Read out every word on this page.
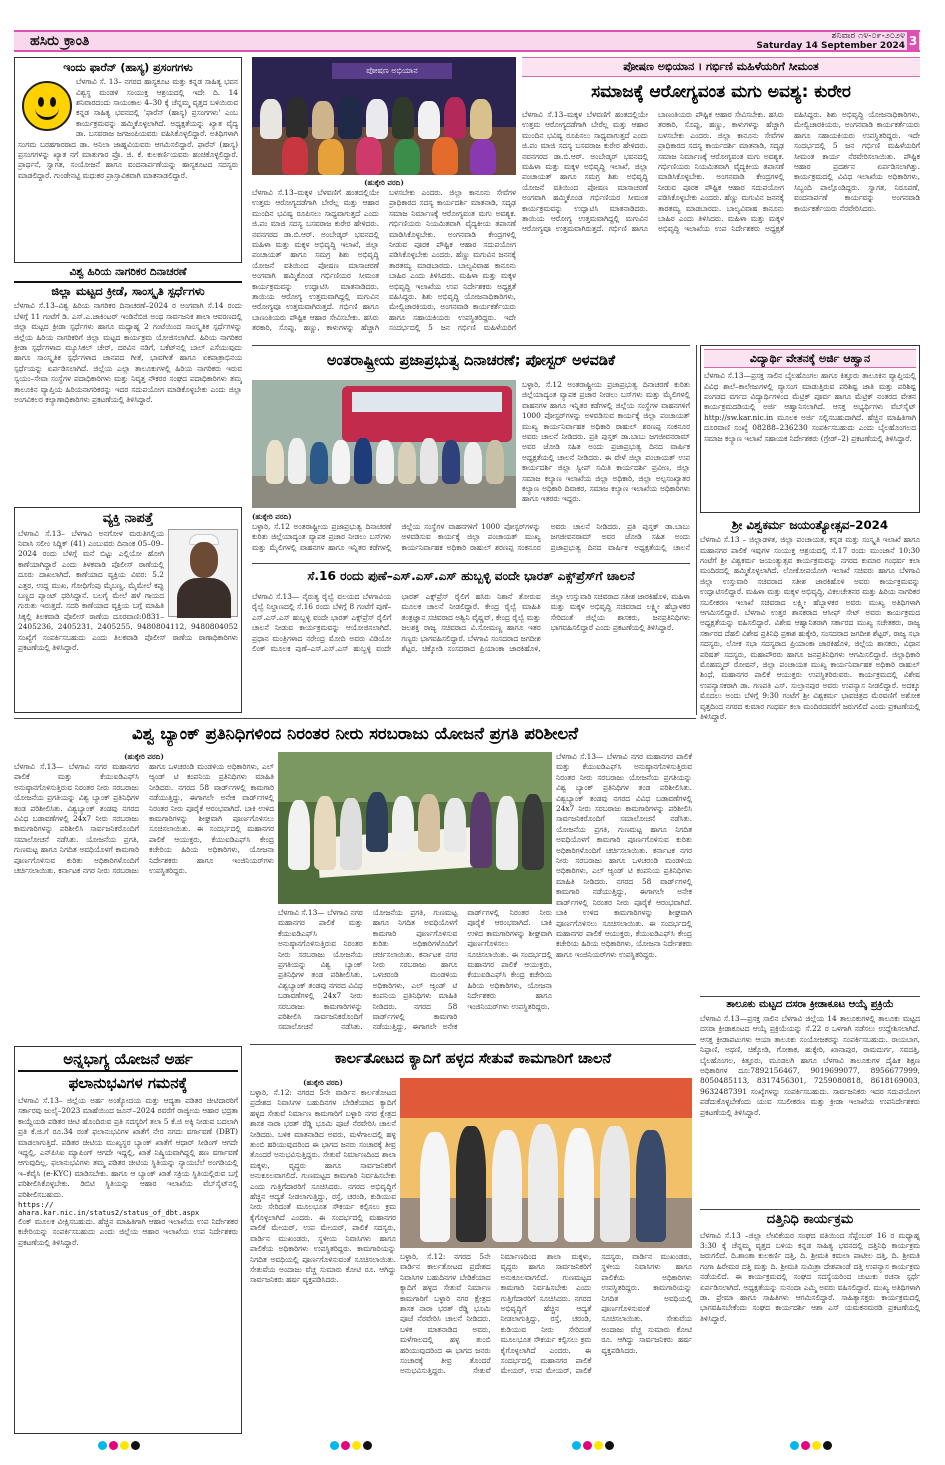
ಹಸಿರು ಕ್ರಾಂತಿ	ಶನಿವಾರ ೧೪-೦೯-೨೦೨೪
Saturday 14 September 2024 3
ಇಂದು ಫಾರೆನ್ (ಹಾಸ್ಯ) ಪ್ರಸಂಗಗಳು
ಬೆಳಗಾವಿ ಸೆ. 13– ನಗರದ ಹಾಸ್ಯಕೂಟ ಮತ್ತು ಕನ್ನಡ ಸಾಹಿತ್ಯ ಭವನ ವಿಶ್ವಸ್ಥ ಮಂಡಳಿ ಸಂಯುಕ್ತ ಆಶ್ರಯದಲ್ಲಿ ಇದೇ ದಿ. 14 ಶನಿವಾರದಂದು ಸಾಯಂಕಾಲ 4–30 ಕ್ಕೆ ಚೆನ್ನಮ್ಮ ವೃತ್ತದ ಬಳಿಯಿರುವ ಕನ್ನಡ ಸಾಹಿತ್ಯ ಭವನದಲ್ಲಿ 'ಫಾರೆನ್ (ಹಾಸ್ಯ) ಪ್ರಸಂಗಗಳು' ಎಂಬ ಕಾರ್ಯಕ್ರಮವನ್ನು ಹಮ್ಮಿಕೊಳ್ಳಲಾಗಿದೆ. ಅಧ್ಯಕ್ಷತೆಯನ್ನು ಖ್ಯಾತ ವೈದ್ಯ ಡಾ. ಬಸವರಾಜ ಜಗಜಂಪಿಯವರು ವಹಿಸಿಕೊಳ್ಳಲಿದ್ದಾರೆ. ಅತಿಥಿಗಳಾಗಿ ಸಂಗಮ ಬರಹಗಾರರಾದ ಡಾ. ಅನಿಲಾ ಜಾಹ್ನವಿಯವರು ಆಗಮಿಸಲಿದ್ದಾರೆ. ಫಾರೆನ್ (ಹಾಸ್ಯ) ಪ್ರಸಂಗಗಳನ್ನು ಖ್ಯಾತ ನಗೆ ಮಾತುಗಾರ ಪ್ರೊ. ಜಿ. ಕೆ. ಕುಲಕರ್ಣಿಯವರು ಹಂಚಿಕೊಳ್ಳಲಿದ್ದಾರೆ. ಪ್ರಾರ್ಥನೆ, ಸ್ವಾಗತ, ಸಂಯೋಜನೆ ಹಾಗೂ ವಂದನಾರ್ಪಣೆಯನ್ನು ಹಾಸ್ಯಕೂಟದ ಸದಸ್ಯರು ಮಾಡಲಿದ್ದಾರೆ. ಗುಂಡೇನಟ್ಟಿ ಮಧುಕರ ಪ್ರಾಸ್ತಾವಿಕವಾಗಿ ಮಾತನಾಡಲಿದ್ದಾರೆ.
ವಿಶ್ವ ಹಿರಿಯ ನಾಗರಿಕರ ದಿನಾಚರಣೆ
ಜಿಲ್ಲಾ ಮಟ್ಟದ ಕ್ರೀಡೆ, ಸಾಂಸ್ಕೃತಿ ಸ್ಪರ್ಧೆಗಳು
ಬೆಳಗಾವಿ ಸೆ.13–ವಿಶ್ವ ಹಿರಿಯ ನಾಗರಿಕರ ದಿನಾಚರಣೆ–2024 ರ ಅಂಗವಾಗಿ ಸೆ.14 ರಂದು ಬೆಳಿಗ್ಗೆ 11 ಗಂಟೆಗೆ ಡಿ. ಎಸ್.ಎ.ಜಾಕಿಂಟರ್ ಇಂಡಿನೆಬಿಜಿ ಅಂಥ ಸಾರ್ವಜನಿಕ ಶಾಲಾ ಆವರಣದಲ್ಲಿ ಜಿಲ್ಲಾ ಮಟ್ಟದ ಕ್ರೀಡಾ ಸ್ಪರ್ಧೆಗಳು ಹಾಗೂ ಮಧ್ಯಾಹ್ನ 2 ಗಂಟೆಯಿಂದ ಸಾಂಸ್ಕೃತಿಕ ಸ್ಪರ್ಧೆಗಳನ್ನು ಜಿಲ್ಲೆಯ ಹಿರಿಯ ನಾಗರಿಕರಿಗೆ ಜಿಲ್ಲಾ ಮಟ್ಟದ ಕಾರ್ಯಕ್ರಮ ಯೋಜಿಸಲಾಗಿದೆ. ಹಿರಿಯ ನಾಗರಿಕರ ಕ್ರೀಡಾ ಸ್ಪರ್ಧೆಗಳಾದ ಮ್ಯೂಸಿಕಲ್ ಚೇರ್, ದರವಿನ ನಡಿಗೆ, ಬಕೆಟ್‌ನಲ್ಲಿ ಬಾಲ್ ಎಸೆಯುವುದು ಹಾಗೂ ಸಾಂಸ್ಕೃತಿಕ ಸ್ಪರ್ಧೆಗಳಾದ ಜಾನಪದ ಗೀತೆ, ಭಾವಗೀತೆ ಹಾಗೂ ಏಕಪಾತ್ರಾಭಿನಯ ಸ್ಪರ್ಧೆಯನ್ನು ಏರ್ಪಡಿಸಲಾಗಿದೆ. ಜಿಲ್ಲೆಯ ಎಲ್ಲಾ ತಾಲೂಕುಗಳಲ್ಲಿ ಹಿರಿಯ ನಾಗರಿಕರು ಇರುವ ಸ್ವಯಂ–ಸೇವಾ ಸಂಸ್ಥೆಗಳ ಪದಾಧಿಕಾರಿಗಳು ಮತ್ತು ನಿವೃತ್ತ ನೌಕರರ ಸಂಘದ ಪದಾಧಿಕಾರಿಗಳು ತಮ್ಮ ತಾಲೂಕಿನ ವ್ಯಾಪ್ತಿಯ ಹಿರಿಯನಾಗರಿಕರನ್ನು ಇದರ ಸದುಪಯೋಗ ಮಾಡಿಕೊಳ್ಳಬೇಕು ಎಂದು ಜಿಲ್ಲಾ ಅಂಗವಿಕಲರ ಕಲ್ಯಾಣಾಧಿಕಾರಿಗಳು ಪ್ರಕಟಣೆಯಲ್ಲಿ ತಿಳಿಸಿದ್ದಾರೆ.
ವ್ಯಕ್ತಿ ನಾಪತ್ತೆ
ಬೆಳಗಾವಿ ಸೆ.13– ಬೆಳಗಾವಿ ಅನಗೋಳ ಮರುತಿಗಲ್ಲಿಯ ನಿವಾಸಿ ಸಲೀಂ ಸಿದ್ದಿಕ್ (41) ಎಂಬುವರು ದಿನಾಂಕ 05–09–2024 ರಂದು ಬೆಳಿಗ್ಗೆ ಮನೆ ಬಿಟ್ಟು ಎಲ್ಲಿಯೋ ಹೋಗಿ ಕಾಣೆಯಾಗಿದ್ದಾರೆ ಎಂದು ತಿಳಕವಾಡಿ ಪೊಲೀಸ್ ಠಾಣೆಯಲ್ಲಿ ದೂರು ದಾಖಲಾಗಿದೆ. ಕಾಣೆಯಾದ ವ್ಯಕ್ತಿಯ ವಿವರ: 5.2 ಎತ್ತರ, ಉದ್ದ ಮುಖ, ಗೋಧಿಗೆಂಪು ಮೈಬಣ್ಣ, ಮೈಮೇಲೆ ಕಪ್ಪು ಬಣ್ಣದ ಪ್ಯಾಂಟ್ ಧರಿಸಿದ್ದಾನೆ. ಬಲಗೈ ಮೇಲೆ ಹಳೆ ಗಾಯದ ಗುರುತು ಇರುತ್ತದೆ. ಸದರಿ ಕಾಣೆಯಾದ ವ್ಯಕ್ತಿಯ ಬಗ್ಗೆ ಮಾಹಿತಿ ಸಿಕ್ಕಲ್ಲಿ ತಿಲಕವಾಡಿ ಪೊಲೀಸ್ ಠಾಣೆಯ ದೂರವಾಣಿ:0831–2405236, 2405231, 2405255, 9480804112, 9480804052 ಸಂಖ್ಯೆಗೆ ಸಂಪರ್ಕಿಸಬಹುದು ಎಂದು ತಿಲಕವಾಡಿ ಪೊಲೀಸ್ ಠಾಣೆಯ ಠಾಣಾಧಿಕಾರಿಗಳು ಪ್ರಕಟಣೆಯಲ್ಲಿ ತಿಳಿಸಿದ್ದಾರೆ.
ಅನ್ನಭಾಗ್ಯ ಯೋಜನೆ ಅರ್ಹ
ಫಲಾನುಭವಿಗಳ ಗಮನಕ್ಕೆ
ಬೆಳಗಾವಿ ಸೆ.13– ಜಿಲ್ಲೆಯ ಅರ್ಹ ಅಂತ್ಯೋದಯ ಮತ್ತು ಆದ್ಯತಾ ಪಡಿತರ ಚೀಟಿದಾರರಿಗೆ ಸರ್ಕಾರವು ಜುಲೈ–2023 ಮಾಹೆಯಿಂದ ಜೂನ್–2024 ರವರೆಗೆ ರಾಜ್ಯೀಯ ಆಹಾರ ಭದ್ರತಾ ಕಾಯ್ದೆಯಡಿ ಪಡಿತರ ಚೀಟಿ ಹೊಂದಿರುವ ಪ್ರತಿ ಸದಸ್ಯರಿಗೆ ತಲಾ 5 ಕೆ.ಜಿ ಅಕ್ಕಿ ನೀಡುವ ಬದಲಾಗಿ ಪ್ರತಿ ಕೆ.ಜಿ.ಗೆ ರೂ.34 ರಂತೆ ಫಲಾನುಭವಿಗಳ ಖಾತೆಗೆ ನೇರ ನಗದು ವರ್ಗಾವಣೆ (DBT) ಮಾಡಲಾಗುತ್ತಿದೆ. ಪಡಿತರ ಚೀಟಿಯ ಮುಖ್ಯಸ್ಥರ ಬ್ಯಾಂಕ್ ಖಾತೆಗೆ ಆಧಾರ್ ಸೀಡಿಂಗ್ ಆಗದೇ ಇದ್ದಲ್ಲಿ, ಎನ್‌ಪಿಸಿಐ ಮ್ಯಾಪಿಂಗ್ ಆಗದೇ ಇದ್ದಲ್ಲಿ, ಖಾತೆ ನಿಷ್ಕ್ರಿಯವಾಗಿದ್ದಲ್ಲಿ ಹಣ ವರ್ಗಾವಣೆ ಆಗುವುದಿಲ್ಲ. ಫಲಾನುಭವಿಗಳು ತಮ್ಮ ಪಡಿತರ ಚೀಟಿಯ ಸ್ಥಿತಿಯನ್ನು ನ್ಯಾಯಬೆಲೆ ಅಂಗಡಿಯಲ್ಲಿ ಇ–ಕೆವೈಸಿ (e-KYC) ಮಾಡಿಸಬೇಕು. ಹಾಗೂ ಆ ಬ್ಯಾಂಕ್ ಖಾತೆ ಸಕ್ರಿಯ ಸ್ಥಿತಿಯಲ್ಲಿರುವ ಬಗ್ಗೆ ಪರಿಶೀಲಿಸಿಕೊಳ್ಳಬೇಕು. ಡಿಬಿಟಿ ಸ್ಥಿತಿಯನ್ನು ಆಹಾರ ಇಲಾಖೆಯ ವೆಬ್‌ಸೈಟ್‌ನಲ್ಲಿ ಪರಿಶೀಲಿಸಬಹುದು.
https://
ahara.kar.nic.in/status2/status_of_dbt.aspx
ಲಿಂಕ್ ಮೂಲಕ ವೀಕ್ಷಿಸಬಹುದು. ಹೆಚ್ಚಿನ ಮಾಹಿತಿಗಾಗಿ ಆಹಾರ ಇಲಾಖೆಯ ಉಪ ನಿರ್ದೇಶಕರ ಕಚೇರಿಯನ್ನು ಸಂಪರ್ಕಿಸಬಹುದು ಎಂದು ಜಿಲ್ಲೆಯ ಆಹಾರ ಇಲಾಖೆಯ ಉಪ ನಿರ್ದೇಶಕರು ಪ್ರಕಟಣೆಯಲ್ಲಿ ತಿಳಿಸಿದ್ದಾರೆ.
ಪೋಷಣ ಅಭಿಯಾನ	ಪೋಷಣ ಅಭಿಯಾನ । ಗರ್ಭಿಣಿ ಮಹಿಳೆಯರಿಗೆ ಸೀಮಂತ
ಸಮಾಜಕ್ಕೆ ಆರೋಗ್ಯವಂತ ಮಗು ಅವಶ್ಯ: ಕುರೇರ
(ಹುಕ್ಕೇರಿ ವರದಿ)
ಬೆಳಗಾವಿ ಸೆ.13–ಮಕ್ಕಳ ಬೆಳವಣಿಗೆ ಹಂತದಲ್ಲಿಯೇ ಉತ್ತಮ ಆರೋಗ್ಯದಡೆಗಾಗಿ ಬೇರೆಲ್ಲ ಮತ್ತು ಆಹಾರ ಮುಂದಿನ ಭವಿಷ್ಯ ರೂಪಿಸಲು ಸಾಧ್ಯವಾಗುತ್ತದೆ ಎಂದು ಜಿ.ಪಂ ಮಾಜಿ ಸದಸ್ಯ ಬಸವರಾಜ ಕುರೇರ ಹೇಳಿದರು. ನವನಗರದ ಡಾ.ಬಿ.ಆರ್. ಅಂಬೇಡ್ಕರ್ ಭವನದಲ್ಲಿ ಮಹಿಳಾ ಮತ್ತು ಮಕ್ಕಳ ಅಭಿವೃದ್ಧಿ ಇಲಾಖೆ, ಜಿಲ್ಲಾ ಪಂಚಾಯತ್ ಹಾಗೂ ಸಮಗ್ರ ಶಿಶು ಅಭಿವೃದ್ಧಿ ಯೋಜನೆ ವತಿಯಿಂದ ಪೋಷಣ ಮಾಸಾಚರಣೆ ಅಂಗವಾಗಿ ಹಮ್ಮಿಕೊಂಡ ಗರ್ಭಿಣಿಯರ ಸೀಮಂತ ಕಾರ್ಯಕ್ರಮವನ್ನು ಉದ್ಘಾಟಿಸಿ ಮಾತನಾಡಿದರು. ತಾಯಿಯ ಆರೋಗ್ಯ ಉತ್ತಮವಾಗಿದ್ದಲ್ಲಿ ಮಗುವಿನ ಆರೋಗ್ಯವೂ ಉತ್ತಮವಾಗಿರುತ್ತದೆ. ಗರ್ಭಿಣಿ ಹಾಗೂ ಬಾಣಂತಿಯರು ಪೌಷ್ಟಿಕ ಆಹಾರ ಸೇವಿಸಬೇಕು. ಹಸಿರು ತರಕಾರಿ, ಸೊಪ್ಪು, ಹಣ್ಣು, ಕಾಳುಗಳನ್ನು ಹೆಚ್ಚಾಗಿ ಬಳಸಬೇಕು ಎಂದರು. ಜಿಲ್ಲಾ ಕಾನೂನು ಸೇವೆಗಳ ಪ್ರಾಧಿಕಾರದ ಸದಸ್ಯ ಕಾರ್ಯದರ್ಶಿ ಮಾತನಾಡಿ, ಸದೃಢ ಸಮಾಜ ನಿರ್ಮಾಣಕ್ಕೆ ಆರೋಗ್ಯವಂತ ಮಗು ಅವಶ್ಯಕ. ಗರ್ಭಿಣಿಯರು ನಿಯಮಿತವಾಗಿ ವೈದ್ಯಕೀಯ ತಪಾಸಣೆ ಮಾಡಿಸಿಕೊಳ್ಳಬೇಕು. ಅಂಗನವಾಡಿ ಕೇಂದ್ರಗಳಲ್ಲಿ ನೀಡುವ ಪೂರಕ ಪೌಷ್ಟಿಕ ಆಹಾರ ಸದುಪಯೋಗ ಪಡಿಸಿಕೊಳ್ಳಬೇಕು ಎಂದರು. ಹೆಣ್ಣು ಮಗುವಿನ ಜನನಕ್ಕೆ ತಾರತಮ್ಯ ಮಾಡಬಾರದು. ಬಾಲ್ಯವಿವಾಹ ಕಾನೂನು ಬಾಹಿರ ಎಂದು ತಿಳಿಸಿದರು. ಮಹಿಳಾ ಮತ್ತು ಮಕ್ಕಳ ಅಭಿವೃದ್ಧಿ ಇಲಾಖೆಯ ಉಪ ನಿರ್ದೇಶಕರು ಅಧ್ಯಕ್ಷತೆ ವಹಿಸಿದ್ದರು. ಶಿಶು ಅಭಿವೃದ್ಧಿ ಯೋಜನಾಧಿಕಾರಿಗಳು, ಮೇಲ್ವಿಚಾರಕಿಯರು, ಅಂಗನವಾಡಿ ಕಾರ್ಯಕರ್ತೆಯರು ಹಾಗೂ ಸಹಾಯಕಿಯರು ಉಪಸ್ಥಿತರಿದ್ದರು. ಇದೇ ಸಂದರ್ಭದಲ್ಲಿ 5 ಜನ ಗರ್ಭಿಣಿ ಮಹಿಳೆಯರಿಗೆ
ಬೆಳಗಾವಿ ಸೆ.13–ಮಕ್ಕಳ ಬೆಳವಣಿಗೆ ಹಂತದಲ್ಲಿಯೇ ಉತ್ತಮ ಆರೋಗ್ಯದಡೆಗಾಗಿ ಬೇರೆಲ್ಲ ಮತ್ತು ಆಹಾರ ಮುಂದಿನ ಭವಿಷ್ಯ ರೂಪಿಸಲು ಸಾಧ್ಯವಾಗುತ್ತದೆ ಎಂದು ಜಿ.ಪಂ ಮಾಜಿ ಸದಸ್ಯ ಬಸವರಾಜ ಕುರೇರ ಹೇಳಿದರು. ನವನಗರದ ಡಾ.ಬಿ.ಆರ್. ಅಂಬೇಡ್ಕರ್ ಭವನದಲ್ಲಿ ಮಹಿಳಾ ಮತ್ತು ಮಕ್ಕಳ ಅಭಿವೃದ್ಧಿ ಇಲಾಖೆ, ಜಿಲ್ಲಾ ಪಂಚಾಯತ್ ಹಾಗೂ ಸಮಗ್ರ ಶಿಶು ಅಭಿವೃದ್ಧಿ ಯೋಜನೆ ವತಿಯಿಂದ ಪೋಷಣ ಮಾಸಾಚರಣೆ ಅಂಗವಾಗಿ ಹಮ್ಮಿಕೊಂಡ ಗರ್ಭಿಣಿಯರ ಸೀಮಂತ ಕಾರ್ಯಕ್ರಮವನ್ನು ಉದ್ಘಾಟಿಸಿ ಮಾತನಾಡಿದರು. ತಾಯಿಯ ಆರೋಗ್ಯ ಉತ್ತಮವಾಗಿದ್ದಲ್ಲಿ ಮಗುವಿನ ಆರೋಗ್ಯವೂ ಉತ್ತಮವಾಗಿರುತ್ತದೆ. ಗರ್ಭಿಣಿ ಹಾಗೂ ಬಾಣಂತಿಯರು ಪೌಷ್ಟಿಕ ಆಹಾರ ಸೇವಿಸಬೇಕು. ಹಸಿರು ತರಕಾರಿ, ಸೊಪ್ಪು, ಹಣ್ಣು, ಕಾಳುಗಳನ್ನು ಹೆಚ್ಚಾಗಿ ಬಳಸಬೇಕು ಎಂದರು. ಜಿಲ್ಲಾ ಕಾನೂನು ಸೇವೆಗಳ ಪ್ರಾಧಿಕಾರದ ಸದಸ್ಯ ಕಾರ್ಯದರ್ಶಿ ಮಾತನಾಡಿ, ಸದೃಢ ಸಮಾಜ ನಿರ್ಮಾಣಕ್ಕೆ ಆರೋಗ್ಯವಂತ ಮಗು ಅವಶ್ಯಕ. ಗರ್ಭಿಣಿಯರು ನಿಯಮಿತವಾಗಿ ವೈದ್ಯಕೀಯ ತಪಾಸಣೆ ಮಾಡಿಸಿಕೊಳ್ಳಬೇಕು. ಅಂಗನವಾಡಿ ಕೇಂದ್ರಗಳಲ್ಲಿ ನೀಡುವ ಪೂರಕ ಪೌಷ್ಟಿಕ ಆಹಾರ ಸದುಪಯೋಗ ಪಡಿಸಿಕೊಳ್ಳಬೇಕು ಎಂದರು. ಹೆಣ್ಣು ಮಗುವಿನ ಜನನಕ್ಕೆ ತಾರತಮ್ಯ ಮಾಡಬಾರದು. ಬಾಲ್ಯವಿವಾಹ ಕಾನೂನು ಬಾಹಿರ ಎಂದು ತಿಳಿಸಿದರು. ಮಹಿಳಾ ಮತ್ತು ಮಕ್ಕಳ ಅಭಿವೃದ್ಧಿ ಇಲಾಖೆಯ ಉಪ ನಿರ್ದೇಶಕರು ಅಧ್ಯಕ್ಷತೆ ವಹಿಸಿದ್ದರು. ಶಿಶು ಅಭಿವೃದ್ಧಿ ಯೋಜನಾಧಿಕಾರಿಗಳು, ಮೇಲ್ವಿಚಾರಕಿಯರು, ಅಂಗನವಾಡಿ ಕಾರ್ಯಕರ್ತೆಯರು ಹಾಗೂ ಸಹಾಯಕಿಯರು ಉಪಸ್ಥಿತರಿದ್ದರು. ಇದೇ ಸಂದರ್ಭದಲ್ಲಿ 5 ಜನ ಗರ್ಭಿಣಿ ಮಹಿಳೆಯರಿಗೆ ಸೀಮಂತ ಕಾರ್ಯ ನೆರವೇರಿಸಲಾಯಿತು. ಪೌಷ್ಟಿಕ ಆಹಾರ ಪ್ರದರ್ಶನ ಏರ್ಪಡಿಸಲಾಗಿತ್ತು. ಕಾರ್ಯಕ್ರಮದಲ್ಲಿ ವಿವಿಧ ಇಲಾಖೆಯ ಅಧಿಕಾರಿಗಳು, ಸಿಬ್ಬಂದಿ ಪಾಲ್ಗೊಂಡಿದ್ದರು. ಸ್ವಾಗತ, ನಿರೂಪಣೆ, ವಂದನಾರ್ಪಣೆ ಕಾರ್ಯವನ್ನು ಅಂಗನವಾಡಿ ಕಾರ್ಯಕರ್ತೆಯರು ನೆರವೇರಿಸಿದರು.
ಅಂತರಾಷ್ಟ್ರೀಯ ಪ್ರಜಾಪ್ರಭುತ್ವ ದಿನಾಚರಣೆ; ಪೋಸ್ಟರ್ ಅಳವಡಿಕೆ
ಬಳ್ಳಾರಿ, ಸೆ.12 ಅಂತರಾಷ್ಟ್ರೀಯ ಪ್ರಜಾಪ್ರಭುತ್ವ ದಿನಾಚರಣೆ ಕುರಿತು ಜಿಲ್ಲೆಯಾದ್ಯಂತ ವ್ಯಾಪಕ ಪ್ರಚಾರ ನೀಡಲು ಬಸ್‌ಗಳು ಮತ್ತು ಮೈಲಿಗಳಲ್ಲಿ ವಾಹನಗಳ ಹಾಗೂ ಇನ್ನಿತರ ಕಡೆಗಳಲ್ಲಿ ಜಿಲ್ಲೆಯ ಸಂಸ್ಥೆಗಳ ವಾಹನಗಳಿಗೆ 1000 ಪೋಸ್ಟರ್‌ಗಳನ್ನು ಅಳವಡಿಸುವ ಕಾರ್ಯಕ್ಕೆ ಜಿಲ್ಲಾ ಪಂಚಾಯತ್ ಮುಖ್ಯ ಕಾರ್ಯನಿರ್ವಾಹಕ ಅಧಿಕಾರಿ ರಾಹುಲ್ ಶರಣಪ್ಪ ಸಂಕನೂರ ಅವರು ಚಾಲನೆ ನೀಡಿದರು. ಪ್ರತಿ ಪುಸ್ತಕ್ ಡಾ.ಬಾಬು ಜಗಜೀವನರಾಮ್ ಅವರ ಜೋಡಿ ಸಹಿತ ಅಂದು ಪ್ರಜಾಪ್ರಭುತ್ವ ದಿನದ ವಾರ್ಷಿಕ ಅಧ್ಯಕ್ಷತೆಯಲ್ಲಿ ಚಾಲನೆ ನೀಡಿದರು. ಈ ವೇಳೆ ಜಿಲ್ಲಾ ಪಂಚಾಯತ್ ಉಪ ಕಾರ್ಯದರ್ಶಿ ಜಿಲ್ಲಾ ಸ್ವೀಪ್ ಸಮಿತಿ ಕಾರ್ಯದರ್ಶಿ ಪ್ರವೀಣ, ಜಿಲ್ಲಾ ಸಮಾಜ ಕಲ್ಯಾಣ ಇಲಾಖೆಯ ಜಿಲ್ಲಾ ಅಧಿಕಾರಿ, ಜಿಲ್ಲಾ ಅಲ್ಪಸಂಖ್ಯಾತರ ಕಲ್ಯಾಣ ಅಧಿಕಾರಿ ದಿವಾಕರ, ಸಮಾಜ ಕಲ್ಯಾಣ ಇಲಾಖೆಯ ಅಧಿಕಾರಿಗಳು ಹಾಗೂ ಇತರರು ಇದ್ದರು.
(ಹುಕ್ಕೇರಿ ವರದಿ)
ಬಳ್ಳಾರಿ, ಸೆ.12 ಅಂತರಾಷ್ಟ್ರೀಯ ಪ್ರಜಾಪ್ರಭುತ್ವ ದಿನಾಚರಣೆ ಕುರಿತು ಜಿಲ್ಲೆಯಾದ್ಯಂತ ವ್ಯಾಪಕ ಪ್ರಚಾರ ನೀಡಲು ಬಸ್‌ಗಳು ಮತ್ತು ಮೈಲಿಗಳಲ್ಲಿ ವಾಹನಗಳ ಹಾಗೂ ಇನ್ನಿತರ ಕಡೆಗಳಲ್ಲಿ ಜಿಲ್ಲೆಯ ಸಂಸ್ಥೆಗಳ ವಾಹನಗಳಿಗೆ 1000 ಪೋಸ್ಟರ್‌ಗಳನ್ನು ಅಳವಡಿಸುವ ಕಾರ್ಯಕ್ಕೆ ಜಿಲ್ಲಾ ಪಂಚಾಯತ್ ಮುಖ್ಯ ಕಾರ್ಯನಿರ್ವಾಹಕ ಅಧಿಕಾರಿ ರಾಹುಲ್ ಶರಣಪ್ಪ ಸಂಕನೂರ ಅವರು ಚಾಲನೆ ನೀಡಿದರು. ಪ್ರತಿ ಪುಸ್ತಕ್ ಡಾ.ಬಾಬು ಜಗಜೀವನರಾಮ್ ಅವರ ಜೋಡಿ ಸಹಿತ ಅಂದು ಪ್ರಜಾಪ್ರಭುತ್ವ ದಿನದ ವಾರ್ಷಿಕ ಅಧ್ಯಕ್ಷತೆಯಲ್ಲಿ ಚಾಲನೆ
ಸೆ.16 ರಂದು ಪುಣೆ–ಎಸ್.ಎಸ್.ಎಸ್ ಹುಬ್ಬಳ್ಳಿ ವಂದೇ ಭಾರತ್ ಎಕ್ಸ್‌ಪ್ರೆಸ್‌ಗೆ ಚಾಲನೆ
ಬೆಳಗಾವಿ ಸೆ.13— ನೈರುತ್ಯ ರೈಲ್ವೆ ವಲಯದ ಬೆಳಗಾವಿಯ ರೈಲ್ವೆ ನಿಲ್ದಾಣದಲ್ಲಿ ಸೆ.16 ರಂದು ಬೆಳಿಗ್ಗೆ 8 ಗಂಟೆಗೆ ಪುಣೆ–ಎಸ್.ಎಸ್.ಎಸ್ ಹುಬ್ಬಳ್ಳಿ ವಂದೇ ಭಾರತ್ ಎಕ್ಸ್‌ಪ್ರೆಸ್ ರೈಲಿಗೆ ಚಾಲನೆ ನೀಡುವ ಕಾರ್ಯಕ್ರಮವನ್ನು ಆಯೋಜಿಸಲಾಗಿದೆ. ಪ್ರಧಾನ ಮಂತ್ರಿಗಳಾದ ನರೇಂದ್ರ ಮೋದಿ ಅವರು ವಿಡಿಯೋ ಲಿಂಕ್ ಮೂಲಕ ಪುಣೆ–ಎಸ್.ಎಸ್.ಎಸ್ ಹುಬ್ಬಳ್ಳಿ ವಂದೇ ಭಾರತ್ ಎಕ್ಸ್‌ಪ್ರೆಸ್ ರೈಲಿಗೆ ಹಸಿರು ನಿಶಾನೆ ತೋರುವ ಮೂಲಕ ಚಾಲನೆ ನೀಡಲಿದ್ದಾರೆ. ಕೇಂದ್ರ ರೈಲ್ವೆ ಮಾಹಿತಿ ತಂತ್ರಜ್ಞಾನ ಸಚಿವರಾದ ಅಶ್ವಿನಿ ವೈಷ್ಣವ್, ಕೇಂದ್ರ ರೈಲ್ವೆ ಮತ್ತು ಜಲಶಕ್ತಿ ರಾಜ್ಯ ಸಚಿವರಾದ ವಿ.ಸೋಮಣ್ಣ ಹಾಗೂ ಇತರ ಗಣ್ಯರು ಭಾಗವಹಿಸಲಿದ್ದಾರೆ. ಬೆಳಗಾವಿ ಸಂಸದರಾದ ಜಗದೀಶ ಶೆಟ್ಟರ, ಚಿಕ್ಕೋಡಿ ಸಂಸದರಾದ ಪ್ರಿಯಾಂಕಾ ಜಾರಕಿಹೊಳಿ, ಜಿಲ್ಲಾ ಉಸ್ತುವಾರಿ ಸಚಿವರಾದ ಸತೀಶ ಜಾರಕಿಹೊಳಿ, ಮಹಿಳಾ ಮತ್ತು ಮಕ್ಕಳ ಅಭಿವೃದ್ಧಿ ಸಚಿವರಾದ ಲಕ್ಷ್ಮೀ ಹೆಬ್ಬಾಳಕರ ಸೇರಿದಂತೆ ಜಿಲ್ಲೆಯ ಶಾಸಕರು, ಜನಪ್ರತಿನಿಧಿಗಳು ಭಾಗವಹಿಸಲಿದ್ದಾರೆ ಎಂದು ಪ್ರಕಟಣೆಯಲ್ಲಿ ತಿಳಿಸಿದ್ದಾರೆ.
ವಿದ್ಯಾರ್ಥಿ ವೇತನಕ್ಕೆ ಅರ್ಜಿ ಆಹ್ವಾನ
ಬೆಳಗಾವಿ ಸೆ.13—ಪ್ರಸಕ್ತ ಸಾಲಿನ ಬೈಲಹೊಂಗಲ ಹಾಗೂ ಕಿತ್ತೂರು ತಾಲೂಕಿನ ವ್ಯಾಪ್ತಿಯಲ್ಲಿ ವಿವಿಧ ಶಾಲೆ–ಕಾಲೇಜುಗಳಲ್ಲಿ ವ್ಯಾಸಂಗ ಮಾಡುತ್ತಿರುವ ಪರಿಶಿಷ್ಟ ಜಾತಿ ಮತ್ತು ಪರಿಶಿಷ್ಟ ಪಂಗಡದ ವರ್ಗದ ವಿದ್ಯಾರ್ಥಿಗಳಿಂದ ಮೆಟ್ರಿಕ್ ಪೂರ್ವ ಹಾಗೂ ಮೆಟ್ರಿಕ್ ನಂತರದ ವೇತನ ಕಾರ್ಯಕ್ರಮದಡಿಯಲ್ಲಿ ಅರ್ಜಿ ಆಹ್ವಾನಿಸಲಾಗಿದೆ. ಆಸಕ್ತ ಅಭ್ಯರ್ಥಿಗಳು ವೆಬ್‌ಸೈಟ್ http://sw.kar.nic.in ಮೂಲಕ ಅರ್ಜಿ ಸಲ್ಲಿಸಬಹುದಾಗಿದೆ. ಹೆಚ್ಚಿನ ಮಾಹಿತಿಗಾಗಿ ದೂರವಾಣಿ ಸಂಖ್ಯೆ 08288–236230 ಸಂಪರ್ಕಿಸಬಹುದು ಎಂದು ಬೈಲಹೊಂಗಲದ ಸಮಾಜ ಕಲ್ಯಾಣ ಇಲಾಖೆ ಸಹಾಯಕ ನಿರ್ದೇಶಕರು (ಗ್ರೇಡ್–2) ಪ್ರಕಟಣೆಯಲ್ಲಿ ತಿಳಿಸಿದ್ದಾರೆ.
ಶ್ರೀ ವಿಶ್ವಕರ್ಮ ಜಯಂತ್ಯೋತ್ಸವ–2024
ಬೆಳಗಾವಿ ಸೆ.13 – ಜಿಲ್ಲಾಡಳಿತ, ಜಿಲ್ಲಾ ಪಂಚಾಯತ, ಕನ್ನಡ ಮತ್ತು ಸಂಸ್ಕೃತಿ ಇಲಾಖೆ ಹಾಗೂ ಮಹಾನಗರ ಪಾಲಿಕೆ ಇವುಗಳ ಸಂಯುಕ್ತ ಆಶ್ರಯದಲ್ಲಿ ಸೆ.17 ರಂದು ಮುಂಜಾನೆ 10:30 ಗಂಟೆಗೆ ಶ್ರೀ ವಿಶ್ವಕರ್ಮ ಜಯಂತ್ಯುತ್ಸವ ಕಾರ್ಯಕ್ರಮವನ್ನು ನಗರದ ಕುಮಾರ ಗಂಧರ್ವ ಕಲಾ ಮಂದಿರದಲ್ಲಿ ಹಮ್ಮಿಕೊಳ್ಳಲಾಗಿದೆ. ಲೋಕೋಪಯೋಗಿ ಇಲಾಖೆ ಸಚಿವರು ಹಾಗೂ ಬೆಳಗಾವಿ ಜಿಲ್ಲಾ ಉಸ್ತುವಾರಿ ಸಚಿವರಾದ ಸತೀಶ ಜಾರಕಿಹೊಳಿ ಅವರು ಕಾರ್ಯಕ್ರಮವನ್ನು ಉದ್ಘಾಟಿಸಲಿದ್ದಾರೆ. ಮಹಿಳಾ ಮತ್ತು ಮಕ್ಕಳ ಅಭಿವೃದ್ಧಿ, ವಿಕಲಚೇತನರ ಮತ್ತು ಹಿರಿಯ ನಾಗರಿಕರ ಸಬಲೀಕರಣ ಇಲಾಖೆ ಸಚಿವರಾದ ಲಕ್ಷ್ಮೀ ಹೆಬ್ಬಾಳಕರ ಅವರು ಮುಖ್ಯ ಅತಿಥಿಗಳಾಗಿ ಆಗಮಿಸಲಿದ್ದಾರೆ. ಬೆಳಗಾವಿ ಉತ್ತರ ಶಾಸಕರಾದ ಆಸೀಫ್ ಸೇಟ್ ಅವರು ಕಾರ್ಯಕ್ರಮದ ಅಧ್ಯಕ್ಷತೆಯನ್ನು ವಹಿಸಲಿದ್ದಾರೆ. ವಿಶೇಷ ಆಹ್ವಾನಿತರಾಗಿ ಸರ್ಕಾರದ ಮುಖ್ಯ ಸಚೇತಕರು, ರಾಜ್ಯ ಸರ್ಕಾರದ ದೆಹಲಿ ವಿಶೇಷ ಪ್ರತಿನಿಧಿ ಪ್ರಕಾಶ ಹುಕ್ಕೇರಿ, ಸಂಸದರಾದ ಜಗದೀಶ ಶೆಟ್ಟರ್, ರಾಜ್ಯ ಸಭಾ ಸದಸ್ಯರು, ಲೋಕ ಸಭಾ ಸದಸ್ಯರಾದ ಪ್ರಿಯಾಂಕಾ ಜಾರಕಿಹೊಳಿ, ಜಿಲ್ಲೆಯ ಶಾಸಕರು, ವಿಧಾನ ಪರಿಷತ್ ಸದಸ್ಯರು, ಮಹಾಪೌರರು ಹಾಗೂ ಜನಪ್ರತಿನಿಧಿಗಳು ಆಗಮಿಸಲಿದ್ದಾರೆ. ಜಿಲ್ಲಾಧಿಕಾರಿ ಮೊಹಮ್ಮದ್ ರೋಷನ್, ಜಿಲ್ಲಾ ಪಂಚಾಯತ ಮುಖ್ಯ ಕಾರ್ಯನಿರ್ವಾಹಕ ಅಧಿಕಾರಿ ರಾಹುಲ್ ಶಿಂಧೆ, ಮಹಾನಗರ ಪಾಲಿಕೆ ಆಯುಕ್ತರು ಉಪಸ್ಥಿತರಿರುವರು. ಕಾರ್ಯಕ್ರಮದಲ್ಲಿ ವಿಶೇಷ ಉಪನ್ಯಾಸಕರಾಗಿ ಡಾ. ಗಣಪತಿ ಎಸ್. ಸುಲ್ತಾನಪುರ ಅವರು ಉಪನ್ಯಾಸ ನೀಡಲಿದ್ದಾರೆ. ಅದಕ್ಕೂ ಮೊದಲು ಅಂದು ಬೆಳಿಗ್ಗೆ 9:30 ಗಂಟೆಗೆ ಶ್ರೀ ವಿಶ್ವಕರ್ಮ ಭಾವಚಿತ್ರದ ಮೆರವಣಿಗೆ ಅಶೋಕ ವೃತ್ತದಿಂದ ನಗರದ ಕುಮಾರ ಗಂಧರ್ವ ಕಲಾ ಮಂದಿರದವರೆಗೆ ಜರುಗಲಿದೆ ಎಂದು ಪ್ರಕಟಣೆಯಲ್ಲಿ ತಿಳಿಸಿದ್ದಾರೆ.
ವಿಶ್ವ ಬ್ಯಾಂಕ್ ಪ್ರತಿನಿಧಿಗಳಿಂದ ನಿರಂತರ ನೀರು ಸರಬರಾಜು ಯೋಜನೆ ಪ್ರಗತಿ ಪರಿಶೀಲನೆ
(ಹುಕ್ಕೇರಿ ವರದಿ)
ಬೆಳಗಾವಿ ಸೆ.13— ಬೆಳಗಾವಿ ನಗರ ಮಹಾನಗರ ಪಾಲಿಕೆ ಮತ್ತು ಕೆಯುಐಡಿಎಫ್‌ಸಿ ಅನುಷ್ಠಾನಗೊಳಿಸುತ್ತಿರುವ ನಿರಂತರ ನೀರು ಸರಬರಾಜು ಯೋಜನೆಯ ಪ್ರಗತಿಯನ್ನು ವಿಶ್ವ ಬ್ಯಾಂಕ್ ಪ್ರತಿನಿಧಿಗಳ ತಂಡ ಪರಿಶೀಲಿಸಿತು. ವಿಶ್ವಬ್ಯಾಂಕ್ ತಂಡವು ನಗರದ ವಿವಿಧ ಬಡಾವಣೆಗಳಲ್ಲಿ 24x7 ನೀರು ಸರಬರಾಜು ಕಾಮಗಾರಿಗಳನ್ನು ಪರಿಶೀಲಿಸಿ ಸಾರ್ವಜನಿಕರೊಂದಿಗೆ ಸಮಾಲೋಚನೆ ನಡೆಸಿತು. ಯೋಜನೆಯ ಪ್ರಗತಿ, ಗುಣಮಟ್ಟ ಹಾಗೂ ನಿಗದಿತ ಅವಧಿಯೊಳಗೆ ಕಾಮಗಾರಿ ಪೂರ್ಣಗೊಳಿಸುವ ಕುರಿತು ಅಧಿಕಾರಿಗಳೊಂದಿಗೆ ಚರ್ಚಿಸಲಾಯಿತು. ಕರ್ನಾಟಕ ನಗರ ನೀರು ಸರಬರಾಜು ಹಾಗೂ ಒಳಚರಂಡಿ ಮಂಡಳಿಯ ಅಧಿಕಾರಿಗಳು, ಎಲ್ ಆ್ಯಂಡ್ ಟಿ ಕಂಪನಿಯ ಪ್ರತಿನಿಧಿಗಳು ಮಾಹಿತಿ ನೀಡಿದರು. ನಗರದ 58 ವಾರ್ಡ್‌ಗಳಲ್ಲಿ ಕಾಮಗಾರಿ ನಡೆಯುತ್ತಿದ್ದು, ಈಗಾಗಲೇ ಅನೇಕ ವಾರ್ಡ್‌ಗಳಲ್ಲಿ ನಿರಂತರ ನೀರು ಪೂರೈಕೆ ಆರಂಭವಾಗಿದೆ. ಬಾಕಿ ಉಳಿದ ಕಾಮಗಾರಿಗಳನ್ನು ಶೀಘ್ರವಾಗಿ ಪೂರ್ಣಗೊಳಿಸಲು ಸೂಚಿಸಲಾಯಿತು. ಈ ಸಂದರ್ಭದಲ್ಲಿ ಮಹಾನಗರ ಪಾಲಿಕೆ ಆಯುಕ್ತರು, ಕೆಯುಐಡಿಎಫ್‌ಸಿ ಕೇಂದ್ರ ಕಚೇರಿಯ ಹಿರಿಯ ಅಧಿಕಾರಿಗಳು, ಯೋಜನಾ ನಿರ್ದೇಶಕರು ಹಾಗೂ ಇಂಜಿನಿಯರ್‌ಗಳು ಉಪಸ್ಥಿತರಿದ್ದರು.
ಬೆಳಗಾವಿ ಸೆ.13— ಬೆಳಗಾವಿ ನಗರ ಮಹಾನಗರ ಪಾಲಿಕೆ ಮತ್ತು ಕೆಯುಐಡಿಎಫ್‌ಸಿ ಅನುಷ್ಠಾನಗೊಳಿಸುತ್ತಿರುವ ನಿರಂತರ ನೀರು ಸರಬರಾಜು ಯೋಜನೆಯ ಪ್ರಗತಿಯನ್ನು ವಿಶ್ವ ಬ್ಯಾಂಕ್ ಪ್ರತಿನಿಧಿಗಳ ತಂಡ ಪರಿಶೀಲಿಸಿತು. ವಿಶ್ವಬ್ಯಾಂಕ್ ತಂಡವು ನಗರದ ವಿವಿಧ ಬಡಾವಣೆಗಳಲ್ಲಿ 24x7 ನೀರು ಸರಬರಾಜು ಕಾಮಗಾರಿಗಳನ್ನು ಪರಿಶೀಲಿಸಿ ಸಾರ್ವಜನಿಕರೊಂದಿಗೆ ಸಮಾಲೋಚನೆ ನಡೆಸಿತು. ಯೋಜನೆಯ ಪ್ರಗತಿ, ಗುಣಮಟ್ಟ ಹಾಗೂ ನಿಗದಿತ ಅವಧಿಯೊಳಗೆ ಕಾಮಗಾರಿ ಪೂರ್ಣಗೊಳಿಸುವ ಕುರಿತು ಅಧಿಕಾರಿಗಳೊಂದಿಗೆ ಚರ್ಚಿಸಲಾಯಿತು. ಕರ್ನಾಟಕ ನಗರ ನೀರು ಸರಬರಾಜು ಹಾಗೂ ಒಳಚರಂಡಿ ಮಂಡಳಿಯ ಅಧಿಕಾರಿಗಳು, ಎಲ್ ಆ್ಯಂಡ್ ಟಿ ಕಂಪನಿಯ ಪ್ರತಿನಿಧಿಗಳು ಮಾಹಿತಿ ನೀಡಿದರು. ನಗರದ 58 ವಾರ್ಡ್‌ಗಳಲ್ಲಿ ಕಾಮಗಾರಿ ನಡೆಯುತ್ತಿದ್ದು, ಈಗಾಗಲೇ ಅನೇಕ ವಾರ್ಡ್‌ಗಳಲ್ಲಿ ನಿರಂತರ ನೀರು ಪೂರೈಕೆ ಆರಂಭವಾಗಿದೆ. ಬಾಕಿ ಉಳಿದ ಕಾಮಗಾರಿಗಳನ್ನು ಶೀಘ್ರವಾಗಿ ಪೂರ್ಣಗೊಳಿಸಲು ಸೂಚಿಸಲಾಯಿತು. ಈ ಸಂದರ್ಭದಲ್ಲಿ ಮಹಾನಗರ ಪಾಲಿಕೆ ಆಯುಕ್ತರು, ಕೆಯುಐಡಿಎಫ್‌ಸಿ ಕೇಂದ್ರ ಕಚೇರಿಯ ಹಿರಿಯ ಅಧಿಕಾರಿಗಳು, ಯೋಜನಾ ನಿರ್ದೇಶಕರು ಹಾಗೂ ಇಂಜಿನಿಯರ್‌ಗಳು ಉಪಸ್ಥಿತರಿದ್ದರು.
ಬೆಳಗಾವಿ ಸೆ.13— ಬೆಳಗಾವಿ ನಗರ ಮಹಾನಗರ ಪಾಲಿಕೆ ಮತ್ತು ಕೆಯುಐಡಿಎಫ್‌ಸಿ ಅನುಷ್ಠಾನಗೊಳಿಸುತ್ತಿರುವ ನಿರಂತರ ನೀರು ಸರಬರಾಜು ಯೋಜನೆಯ ಪ್ರಗತಿಯನ್ನು ವಿಶ್ವ ಬ್ಯಾಂಕ್ ಪ್ರತಿನಿಧಿಗಳ ತಂಡ ಪರಿಶೀಲಿಸಿತು. ವಿಶ್ವಬ್ಯಾಂಕ್ ತಂಡವು ನಗರದ ವಿವಿಧ ಬಡಾವಣೆಗಳಲ್ಲಿ 24x7 ನೀರು ಸರಬರಾಜು ಕಾಮಗಾರಿಗಳನ್ನು ಪರಿಶೀಲಿಸಿ ಸಾರ್ವಜನಿಕರೊಂದಿಗೆ ಸಮಾಲೋಚನೆ ನಡೆಸಿತು. ಯೋಜನೆಯ ಪ್ರಗತಿ, ಗುಣಮಟ್ಟ ಹಾಗೂ ನಿಗದಿತ ಅವಧಿಯೊಳಗೆ ಕಾಮಗಾರಿ ಪೂರ್ಣಗೊಳಿಸುವ ಕುರಿತು ಅಧಿಕಾರಿಗಳೊಂದಿಗೆ ಚರ್ಚಿಸಲಾಯಿತು. ಕರ್ನಾಟಕ ನಗರ ನೀರು ಸರಬರಾಜು ಹಾಗೂ ಒಳಚರಂಡಿ ಮಂಡಳಿಯ ಅಧಿಕಾರಿಗಳು, ಎಲ್ ಆ್ಯಂಡ್ ಟಿ ಕಂಪನಿಯ ಪ್ರತಿನಿಧಿಗಳು ಮಾಹಿತಿ ನೀಡಿದರು. ನಗರದ 58 ವಾರ್ಡ್‌ಗಳಲ್ಲಿ ಕಾಮಗಾರಿ ನಡೆಯುತ್ತಿದ್ದು, ಈಗಾಗಲೇ ಅನೇಕ ವಾರ್ಡ್‌ಗಳಲ್ಲಿ ನಿರಂತರ ನೀರು ಪೂರೈಕೆ ಆರಂಭವಾಗಿದೆ. ಬಾಕಿ ಉಳಿದ ಕಾಮಗಾರಿಗಳನ್ನು ಶೀಘ್ರವಾಗಿ ಪೂರ್ಣಗೊಳಿಸಲು ಸೂಚಿಸಲಾಯಿತು. ಈ ಸಂದರ್ಭದಲ್ಲಿ ಮಹಾನಗರ ಪಾಲಿಕೆ ಆಯುಕ್ತರು, ಕೆಯುಐಡಿಎಫ್‌ಸಿ ಕೇಂದ್ರ ಕಚೇರಿಯ ಹಿರಿಯ ಅಧಿಕಾರಿಗಳು, ಯೋಜನಾ ನಿರ್ದೇಶಕರು ಹಾಗೂ ಇಂಜಿನಿಯರ್‌ಗಳು ಉಪಸ್ಥಿತರಿದ್ದರು.
ಕಾರ್ಲತೋಟದ ಕ್ಯಾದಿಗೆ ಹಳ್ಳದ ಸೇತುವೆ ಕಾಮಗಾರಿಗೆ ಚಾಲನೆ
(ಹುಕ್ಕೇರಿ ವರದಿ)
ಬಳ್ಳಾರಿ, ಸೆ.12: ನಗರದ 5ನೇ ವಾರ್ಡಿನ ಕಾರ್ಲತೋಟದ ಪ್ರದೇಶದ ನಿವಾಸಿಗಳ ಬಹುದಿನಗಳ ಬೇಡಿಕೆಯಾದ ಕ್ಯಾದಿಗೆ ಹಳ್ಳದ ಸೇತುವೆ ನಿರ್ಮಾಣ ಕಾಮಗಾರಿಗೆ ಬಳ್ಳಾರಿ ನಗರ ಕ್ಷೇತ್ರದ ಶಾಸಕ ನಾರಾ ಭರತ್ ರೆಡ್ಡಿ ಭೂಮಿ ಪೂಜೆ ನೆರವೇರಿಸಿ ಚಾಲನೆ ನೀಡಿದರು. ಬಳಿಕ ಮಾತನಾಡಿದ ಅವರು, ಮಳೆಗಾಲದಲ್ಲಿ ಹಳ್ಳ ತುಂಬಿ ಹರಿಯುವುದರಿಂದ ಈ ಭಾಗದ ಜನರು ಸಂಚಾರಕ್ಕೆ ತೀವ್ರ ತೊಂದರೆ ಅನುಭವಿಸುತ್ತಿದ್ದರು. ಸೇತುವೆ ನಿರ್ಮಾಣದಿಂದ ಶಾಲಾ ಮಕ್ಕಳು, ವೃದ್ಧರು ಹಾಗೂ ಸಾರ್ವಜನಿಕರಿಗೆ ಅನುಕೂಲವಾಗಲಿದೆ. ಗುಣಮಟ್ಟದ ಕಾಮಗಾರಿ ನಿರ್ವಹಿಸಬೇಕು ಎಂದು ಗುತ್ತಿಗೆದಾರರಿಗೆ ಸೂಚಿಸಿದರು. ನಗರದ ಅಭಿವೃದ್ಧಿಗೆ ಹೆಚ್ಚಿನ ಆದ್ಯತೆ ನೀಡಲಾಗುತ್ತಿದ್ದು, ರಸ್ತೆ, ಚರಂಡಿ, ಕುಡಿಯುವ ನೀರು ಸೇರಿದಂತೆ ಮೂಲಭೂತ ಸೌಕರ್ಯ ಕಲ್ಪಿಸಲು ಕ್ರಮ ಕೈಗೊಳ್ಳಲಾಗಿದೆ ಎಂದರು. ಈ ಸಂದರ್ಭದಲ್ಲಿ ಮಹಾನಗರ ಪಾಲಿಕೆ ಮೇಯರ್, ಉಪ ಮೇಯರ್, ಪಾಲಿಕೆ ಸದಸ್ಯರು, ವಾರ್ಡಿನ ಮುಖಂಡರು, ಸ್ಥಳೀಯ ನಿವಾಸಿಗಳು ಹಾಗೂ ಪಾಲಿಕೆಯ ಅಧಿಕಾರಿಗಳು ಉಪಸ್ಥಿತರಿದ್ದರು. ಕಾಮಗಾರಿಯನ್ನು ನಿಗದಿತ ಅವಧಿಯಲ್ಲಿ ಪೂರ್ಣಗೊಳಿಸುವಂತೆ ಸೂಚಿಸಲಾಯಿತು. ಸೇತುವೆಯ ಅಂದಾಜು ವೆಚ್ಚ ಸುಮಾರು ಕೋಟಿ ರೂ. ಆಗಿದ್ದು ಸಾರ್ವಜನಿಕರು ಹರ್ಷ ವ್ಯಕ್ತಪಡಿಸಿದರು.
ಬಳ್ಳಾರಿ, ಸೆ.12: ನಗರದ 5ನೇ ವಾರ್ಡಿನ ಕಾರ್ಲತೋಟದ ಪ್ರದೇಶದ ನಿವಾಸಿಗಳ ಬಹುದಿನಗಳ ಬೇಡಿಕೆಯಾದ ಕ್ಯಾದಿಗೆ ಹಳ್ಳದ ಸೇತುವೆ ನಿರ್ಮಾಣ ಕಾಮಗಾರಿಗೆ ಬಳ್ಳಾರಿ ನಗರ ಕ್ಷೇತ್ರದ ಶಾಸಕ ನಾರಾ ಭರತ್ ರೆಡ್ಡಿ ಭೂಮಿ ಪೂಜೆ ನೆರವೇರಿಸಿ ಚಾಲನೆ ನೀಡಿದರು. ಬಳಿಕ ಮಾತನಾಡಿದ ಅವರು, ಮಳೆಗಾಲದಲ್ಲಿ ಹಳ್ಳ ತುಂಬಿ ಹರಿಯುವುದರಿಂದ ಈ ಭಾಗದ ಜನರು ಸಂಚಾರಕ್ಕೆ ತೀವ್ರ ತೊಂದರೆ ಅನುಭವಿಸುತ್ತಿದ್ದರು. ಸೇತುವೆ ನಿರ್ಮಾಣದಿಂದ ಶಾಲಾ ಮಕ್ಕಳು, ವೃದ್ಧರು ಹಾಗೂ ಸಾರ್ವಜನಿಕರಿಗೆ ಅನುಕೂಲವಾಗಲಿದೆ. ಗುಣಮಟ್ಟದ ಕಾಮಗಾರಿ ನಿರ್ವಹಿಸಬೇಕು ಎಂದು ಗುತ್ತಿಗೆದಾರರಿಗೆ ಸೂಚಿಸಿದರು. ನಗರದ ಅಭಿವೃದ್ಧಿಗೆ ಹೆಚ್ಚಿನ ಆದ್ಯತೆ ನೀಡಲಾಗುತ್ತಿದ್ದು, ರಸ್ತೆ, ಚರಂಡಿ, ಕುಡಿಯುವ ನೀರು ಸೇರಿದಂತೆ ಮೂಲಭೂತ ಸೌಕರ್ಯ ಕಲ್ಪಿಸಲು ಕ್ರಮ ಕೈಗೊಳ್ಳಲಾಗಿದೆ ಎಂದರು. ಈ ಸಂದರ್ಭದಲ್ಲಿ ಮಹಾನಗರ ಪಾಲಿಕೆ ಮೇಯರ್, ಉಪ ಮೇಯರ್, ಪಾಲಿಕೆ ಸದಸ್ಯರು, ವಾರ್ಡಿನ ಮುಖಂಡರು, ಸ್ಥಳೀಯ ನಿವಾಸಿಗಳು ಹಾಗೂ ಪಾಲಿಕೆಯ ಅಧಿಕಾರಿಗಳು ಉಪಸ್ಥಿತರಿದ್ದರು. ಕಾಮಗಾರಿಯನ್ನು ನಿಗದಿತ ಅವಧಿಯಲ್ಲಿ ಪೂರ್ಣಗೊಳಿಸುವಂತೆ ಸೂಚಿಸಲಾಯಿತು. ಸೇತುವೆಯ ಅಂದಾಜು ವೆಚ್ಚ ಸುಮಾರು ಕೋಟಿ ರೂ. ಆಗಿದ್ದು ಸಾರ್ವಜನಿಕರು ಹರ್ಷ ವ್ಯಕ್ತಪಡಿಸಿದರು.
ತಾಲೂಕು ಮಟ್ಟದ ದಸರಾ ಕ್ರೀಡಾಕೂಟ ಆಯ್ಕೆ ಪ್ರಕ್ರಿಯೆ
ಬೆಳಗಾವಿ ಸೆ.13—ಪ್ರಸಕ್ತ ಸಾಲಿನ ಬೆಳಗಾವಿ ಜಿಲ್ಲೆಯ 14 ತಾಲೂಕುಗಳಲ್ಲಿ ತಾಲೂಕು ಮಟ್ಟದ ದಸರಾ ಕ್ರೀಡಾಕೂಟದ ಆಯ್ಕೆ ಪ್ರಕ್ರಿಯೆಯನ್ನು ಸೆ.22 ರ ಒಳಗಾಗಿ ನಡೆಸಲು ಉದ್ದೇಶಿಸಲಾಗಿದೆ. ಆಸಕ್ತ ಕ್ರೀಡಾಪಟುಗಳು ಆಯಾ ತಾಲೂಕು ಸಂಯೋಜಕರನ್ನು ಸಂಪರ್ಕಿಸಬಹುದು. ರಾಯಬಾಗ, ನಿಪ್ಪಾಣಿ, ಅಥಣಿ, ಚಿಕ್ಕೋಡಿ, ಗೋಕಾಕ, ಹುಕ್ಕೇರಿ, ಖಾನಾಪುರ, ರಾಮದುರ್ಗ, ಸವದತ್ತಿ, ಬೈಲಹೊಂಗಲ, ಕಿತ್ತೂರು, ಮೂಡಲಗಿ ಹಾಗೂ ಬೆಳಗಾವಿ ತಾಲೂಕುಗಳ ದೈಹಿಕ ಶಿಕ್ಷಣ ಅಧಿಕಾರಿಗಳ ದೂ:7892156467, 9019699077, 8956677999, 8050485113, 8317456301, 7259080818, 8618169003, 9632487391 ಸಂಖ್ಯೆಗಳನ್ನು ಸಂಪರ್ಕಿಸಬಹುದು. ಸಾರ್ವಜನಿಕರು ಇದರ ಸದುಪಯೋಗ ಪಡೆದುಕೊಳ್ಳಬೇಕೆಂದು ಯುವ ಸಬಲೀಕರಣ ಮತ್ತು ಕ್ರೀಡಾ ಇಲಾಖೆಯ ಉಪನಿರ್ದೇಶಕರು ಪ್ರಕಟಣೆಯಲ್ಲಿ ತಿಳಿಸಿದ್ದಾರೆ.
ದತ್ತಿನಿಧಿ ಕಾರ್ಯಕ್ರಮ
ಬೆಳಗಾವಿ ಸೆ.13 –ಜಿಲ್ಲಾ ಲೇಖಿಕೆಯರ ಸಂಘದ ವತಿಯಿಂದ ಸೆಪ್ಟೆಂಬರ್ 16 ರ ಮಧ್ಯಾಹ್ನ 3:30 ಕ್ಕೆ ಚೆನ್ನಮ್ಮ ವೃತ್ತದ ಬಳಿಯ ಕನ್ನಡ ಸಾಹಿತ್ಯ ಭವನದಲ್ಲಿ ದತ್ತಿನಿಧಿ ಕಾರ್ಯಕ್ರಮ ಜರುಗಲಿದೆ. ದಿ.ಶಾಂತಾ ಕುಲಕರ್ಣಿ ದತ್ತಿ, ದಿ. ಶ್ರೀಮತಿ ಕಮಲಾ ಪಾಟೀಲ ದತ್ತಿ, ದಿ. ಶ್ರೀಮತಿ ಗಂಗಾ ಹಿರೇಮಠ ದತ್ತಿ ಮತ್ತು ದಿ. ಶ್ರೀಮತಿ ಸುಮಿತ್ರಾ ದೇಶಪಾಂಡೆ ದತ್ತಿ ಉಪನ್ಯಾಸ ಕಾರ್ಯಕ್ರಮ ನಡೆಯಲಿದೆ. ಈ ಕಾರ್ಯಕ್ರಮದಲ್ಲಿ ಸಂಘದ ಸದಸ್ಯೆಯರಿಂದ ಚುಟುಕು ರಚನಾ ಸ್ಪರ್ಧೆ ಏರ್ಪಡಿಸಲಾಗಿದೆ. ಅಧ್ಯಕ್ಷತೆಯನ್ನು ಸುನಂದಾ ಎಮ್ಮಿ ಅವರು ವಹಿಸಲಿದ್ದಾರೆ. ಮುಖ್ಯ ಅತಿಥಿಗಳಾಗಿ ಡಾ. ಪ್ರೇಮಾ ಹಾಗೂ ಸಾಹಿತಿಗಳು ಆಗಮಿಸಲಿದ್ದಾರೆ. ಸಾಹಿತ್ಯಾಸಕ್ತರು ಕಾರ್ಯಕ್ರಮದಲ್ಲಿ ಭಾಗವಹಿಸಬೇಕೆಂದು ಸಂಘದ ಕಾರ್ಯದರ್ಶಿ ಆಶಾ ಎಸ್ ಯಮಕನಮರಡಿ ಪ್ರಕಟಣೆಯಲ್ಲಿ ತಿಳಿಸಿದ್ದಾರೆ.
